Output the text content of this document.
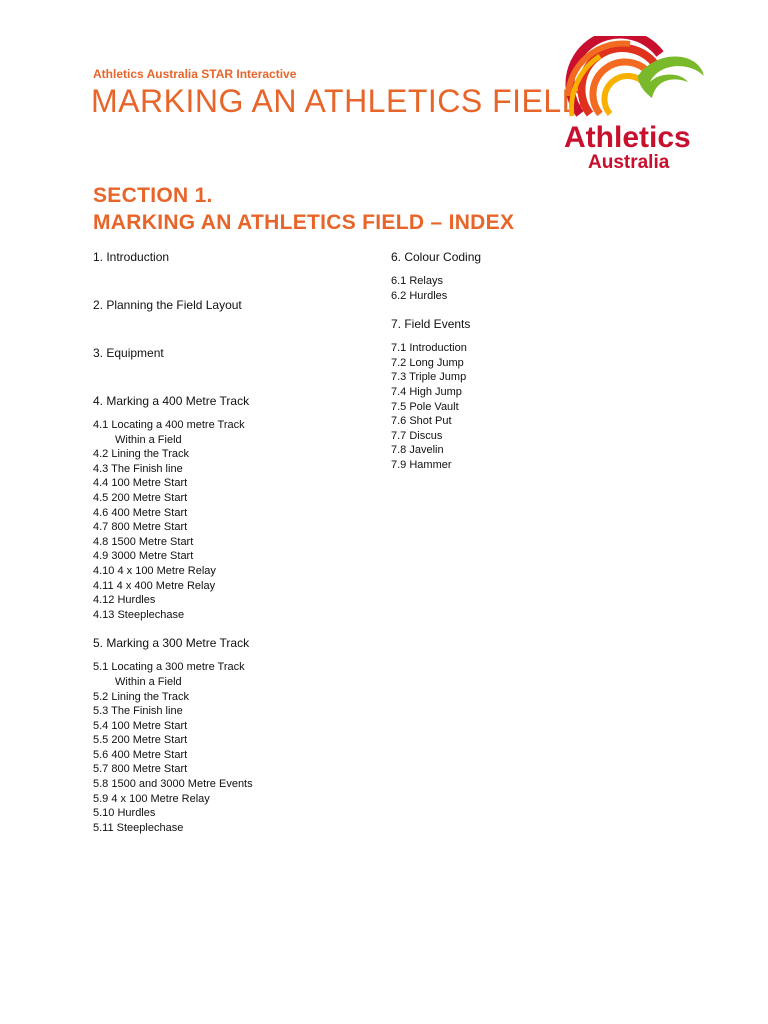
Athletics Australia STAR Interactive
MARKING AN ATHLETICS FIELD
Athletics
Australia
SECTION 1.
MARKING AN ATHLETICS FIELD – INDEX
1. Introduction
2. Planning the Field Layout
3. Equipment
4. Marking a 400 Metre Track
4.1 Locating a 400 metre Track
Within a Field
4.2 Lining the Track
4.3 The Finish line
4.4 100 Metre Start
4.5 200 Metre Start
4.6 400 Metre Start
4.7 800 Metre Start
4.8 1500 Metre Start
4.9 3000 Metre Start
4.10 4 x 100 Metre Relay
4.11 4 x 400 Metre Relay
4.12 Hurdles
4.13 Steeplechase
5. Marking a 300 Metre Track
5.1 Locating a 300 metre Track
Within a Field
5.2 Lining the Track
5.3 The Finish line
5.4 100 Metre Start
5.5 200 Metre Start
5.6 400 Metre Start
5.7 800 Metre Start
5.8 1500 and 3000 Metre Events
5.9 4 x 100 Metre Relay
5.10 Hurdles
5.11 Steeplechase
6. Colour Coding
6.1 Relays
6.2 Hurdles
7. Field Events
7.1 Introduction
7.2 Long Jump
7.3 Triple Jump
7.4 High Jump
7.5 Pole Vault
7.6 Shot Put
7.7 Discus
7.8 Javelin
7.9 Hammer
